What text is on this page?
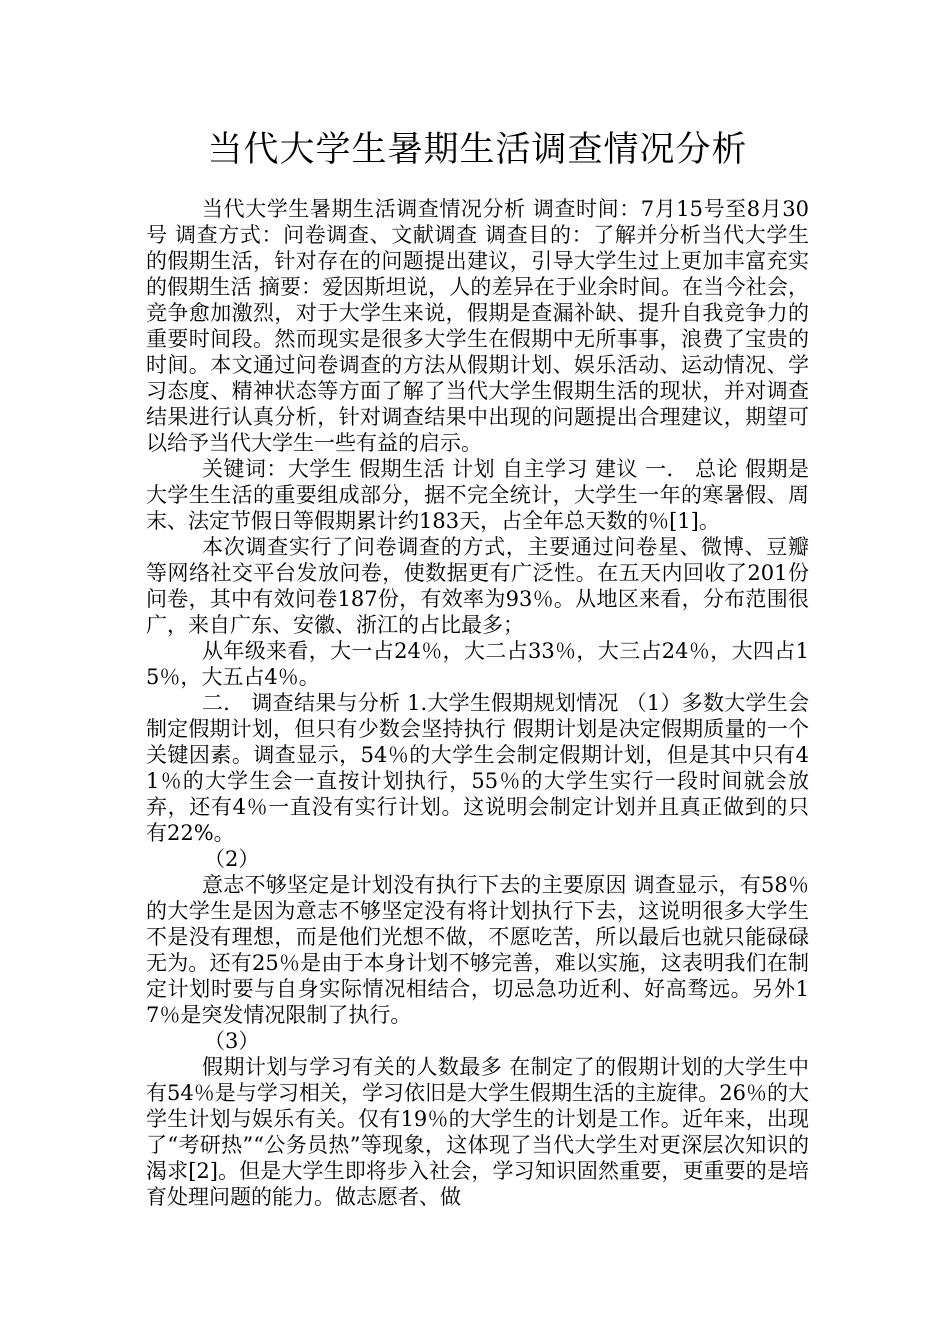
当代大学生暑期生活调查情况分析

当代大学生暑期生活调查情况分析 调查时间：7月15号至8月30号 调查方式：问卷调查、文献调查 调查目的：了解并分析当代大学生的假期生活，针对存在的问题提出建议，引导大学生过上更加丰富充实的假期生活 摘要：爱因斯坦说，人的差异在于业余时间。在当今社会，竞争愈加激烈，对于大学生来说，假期是查漏补缺、提升自我竞争力的重要时间段。然而现实是很多大学生在假期中无所事事，浪费了宝贵的时间。本文通过问卷调查的方法从假期计划、娱乐活动、运动情况、学习态度、精神状态等方面了解了当代大学生假期生活的现状，并对调查结果进行认真分析，针对调查结果中出现的问题提出合理建议，期望可以给予当代大学生一些有益的启示。

关键词：大学生 假期生活 计划 自主学习 建议 一． 总论 假期是大学生生活的重要组成部分，据不完全统计，大学生一年的寒暑假、周末、法定节假日等假期累计约183天，占全年总天数的％[1]。

本次调查实行了问卷调查的方式，主要通过问卷星、微博、豆瓣等网络社交平台发放问卷，使数据更有广泛性。在五天内回收了201份问卷，其中有效问卷187份，有效率为93％。从地区来看，分布范围很广，来自广东、安徽、浙江的占比最多；

从年级来看，大一占24％，大二占33％，大三占24％，大四占15％，大五占4％。

二． 调查结果与分析 1.大学生假期规划情况 （1）多数大学生会制定假期计划，但只有少数会坚持执行 假期计划是决定假期质量的一个关键因素。调查显示，54％的大学生会制定假期计划，但是其中只有41％的大学生会一直按计划执行，55％的大学生实行一段时间就会放弃，还有4％一直没有实行计划。这说明会制定计划并且真正做到的只有22%。

（2）

意志不够坚定是计划没有执行下去的主要原因 调查显示，有58％的大学生是因为意志不够坚定没有将计划执行下去，这说明很多大学生不是没有理想，而是他们光想不做，不愿吃苦，所以最后也就只能碌碌无为。还有25％是由于本身计划不够完善，难以实施，这表明我们在制定计划时要与自身实际情况相结合，切忌急功近利、好高骛远。另外17％是突发情况限制了执行。

（3）

假期计划与学习有关的人数最多 在制定了的假期计划的大学生中有54％是与学习相关，学习依旧是大学生假期生活的主旋律。26％的大学生计划与娱乐有关。仅有19％的大学生的计划是工作。近年来，出现了“考研热”“公务员热”等现象，这体现了当代大学生对更深层次知识的渴求[2]。但是大学生即将步入社会，学习知识固然重要，更重要的是培育处理问题的能力。做志愿者、做
